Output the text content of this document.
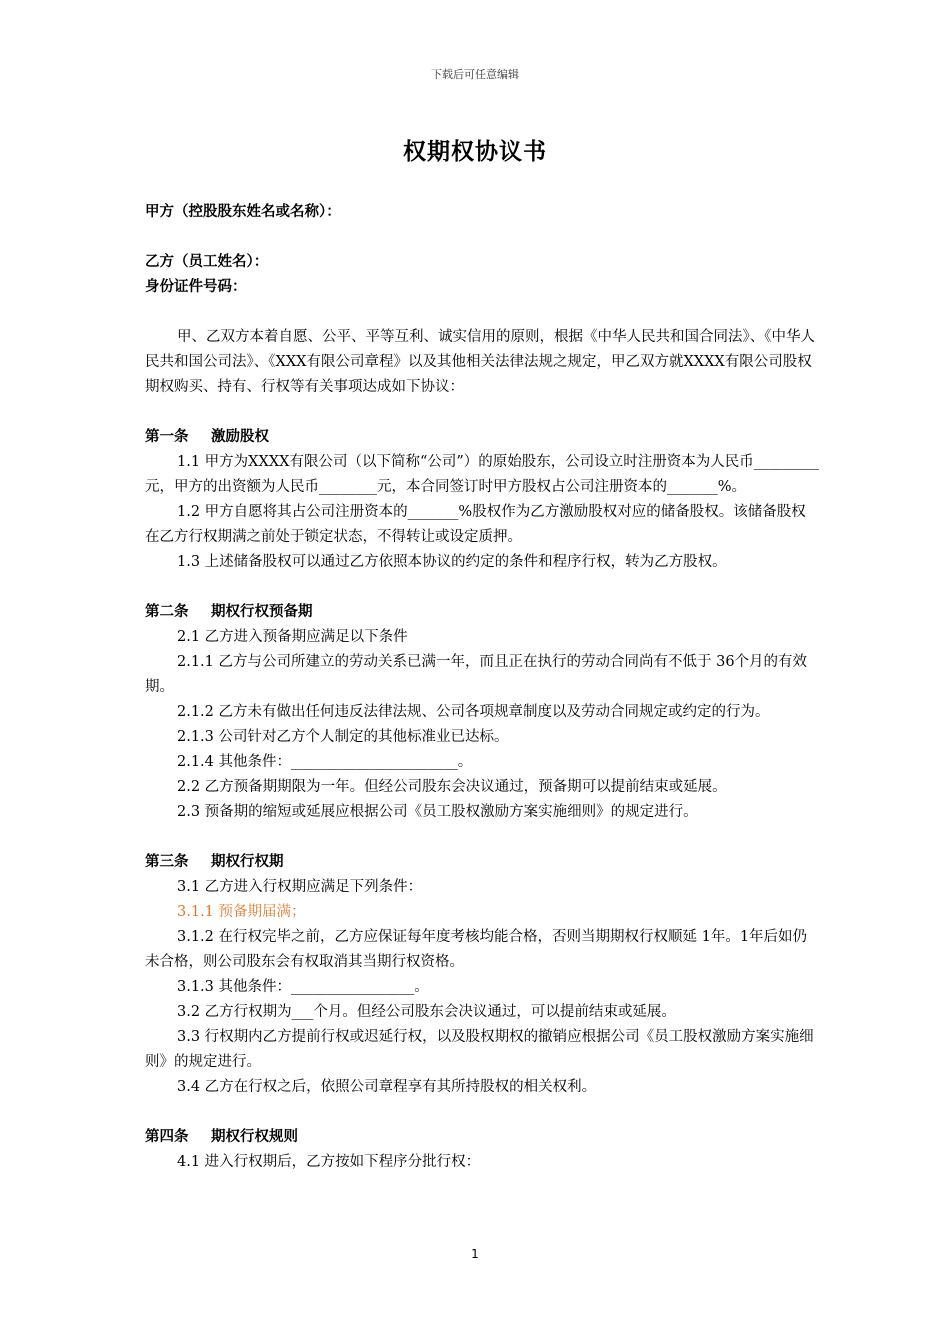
下载后可任意编辑
权期权协议书

甲方（控股股东姓名或名称）：

乙方（员工姓名）：

身份证件号码：

甲、乙双方本着自愿、公平、平等互利、诚实信用的原则，根据《中华人民共和国合同法》、《中华人民共和国公司法》、《XXX有限公司章程》以及其他相关法律法规之规定，甲乙双方就XXXX有限公司股权期权购买、持有、行权等有关事项达成如下协议：

第一条 激励股权

1.1 甲方为XXXX有限公司（以下简称“公司”）的原始股东，公司设立时注册资本为人民币_________元，甲方的出资额为人民币________元，本合同签订时甲方股权占公司注册资本的_______%。

1.2 甲方自愿将其占公司注册资本的_______%股权作为乙方激励股权对应的储备股权。该储备股权在乙方行权期满之前处于锁定状态，不得转让或设定质押。

1.3 上述储备股权可以通过乙方依照本协议的约定的条件和程序行权，转为乙方股权。

第二条 期权行权预备期

2.1 乙方进入预备期应满足以下条件

2.1.1 乙方与公司所建立的劳动关系已满一年，而且正在执行的劳动合同尚有不低于 36个月的有效期。

2.1.2 乙方未有做出任何违反法律法规、公司各项规章制度以及劳动合同规定或约定的行为。

2.1.3 公司针对乙方个人制定的其他标准业已达标。

2.1.4 其他条件：_______________________。

2.2 乙方预备期期限为一年。但经公司股东会决议通过，预备期可以提前结束或延展。

2.3 预备期的缩短或延展应根据公司《员工股权激励方案实施细则》的规定进行。

第三条 期权行权期

3.1 乙方进入行权期应满足下列条件：

3.1.1 预备期届满；

3.1.2 在行权完毕之前，乙方应保证每年度考核均能合格，否则当期期权行权顺延 1年。1年后如仍未合格，则公司股东会有权取消其当期行权资格。

3.1.3 其他条件：_________________。

3.2 乙方行权期为___个月。但经公司股东会决议通过，可以提前结束或延展。

3.3 行权期内乙方提前行权或迟延行权，以及股权期权的撤销应根据公司《员工股权激励方案实施细则》的规定进行。

3.4 乙方在行权之后，依照公司章程享有其所持股权的相关权利。

第四条 期权行权规则

4.1 进入行权期后，乙方按如下程序分批行权：

1
